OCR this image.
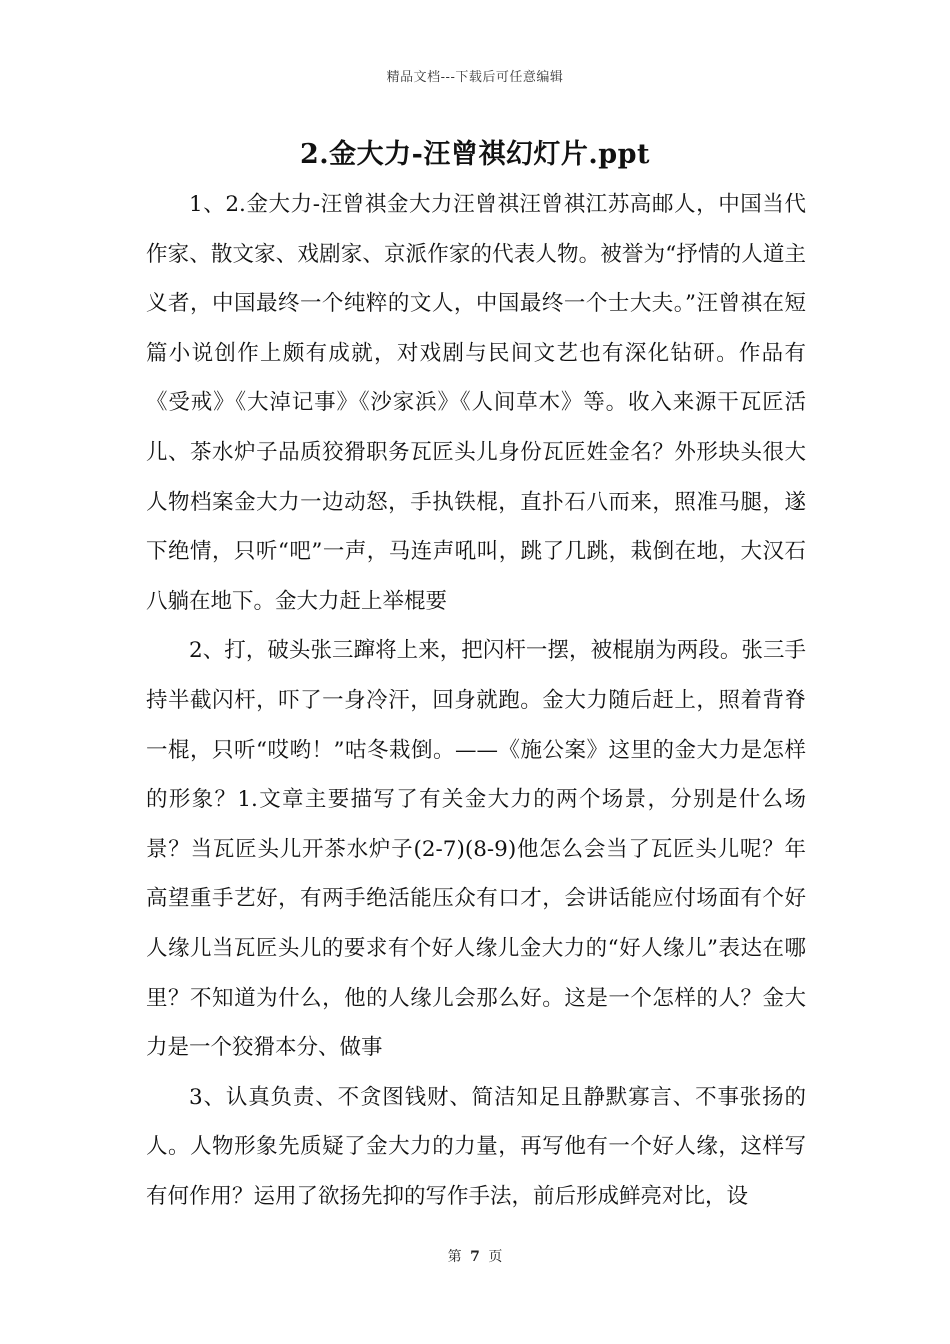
精品文档---下载后可任意编辑
2.金大力-汪曾祺幻灯片.ppt

1、2.金大力-汪曾祺金大力汪曾祺汪曾祺江苏高邮人，中国当代作家、散文家、戏剧家、京派作家的代表人物。被誉为“抒情的人道主义者，中国最终一个纯粹的文人，中国最终一个士大夫。”汪曾祺在短篇小说创作上颇有成就，对戏剧与民间文艺也有深化钻研。作品有《受戒》《大淖记事》《沙家浜》《人间草木》等。收入来源干瓦匠活儿、茶水炉子品质狡猾职务瓦匠头儿身份瓦匠姓金名？外形块头很大人物档案金大力一边动怒，手执铁棍，直扑石八而来，照准马腿，遂下绝情，只听“吧”一声，马连声吼叫，跳了几跳，栽倒在地，大汉石八躺在地下。金大力赶上举棍要

2、打，破头张三蹿将上来，把闪杆一摆，被棍崩为两段。张三手持半截闪杆，吓了一身冷汗，回身就跑。金大力随后赶上，照着背脊一棍，只听“哎哟！”咕冬栽倒。——《施公案》这里的金大力是怎样的形象？1.文章主要描写了有关金大力的两个场景，分别是什么场景？当瓦匠头儿开茶水炉子(2-7)(8-9)他怎么会当了瓦匠头儿呢？年高望重手艺好，有两手绝活能压众有口才，会讲话能应付场面有个好人缘儿当瓦匠头儿的要求有个好人缘儿金大力的“好人缘儿”表达在哪里？不知道为什么，他的人缘儿会那么好。这是一个怎样的人？金大力是一个狡猾本分、做事

3、认真负责、不贪图钱财、简洁知足且静默寡言、不事张扬的人。人物形象先质疑了金大力的力量，再写他有一个好人缘，这样写有何作用？运用了欲扬先抑的写作手法，前后形成鲜亮对比，设

第 7 页
